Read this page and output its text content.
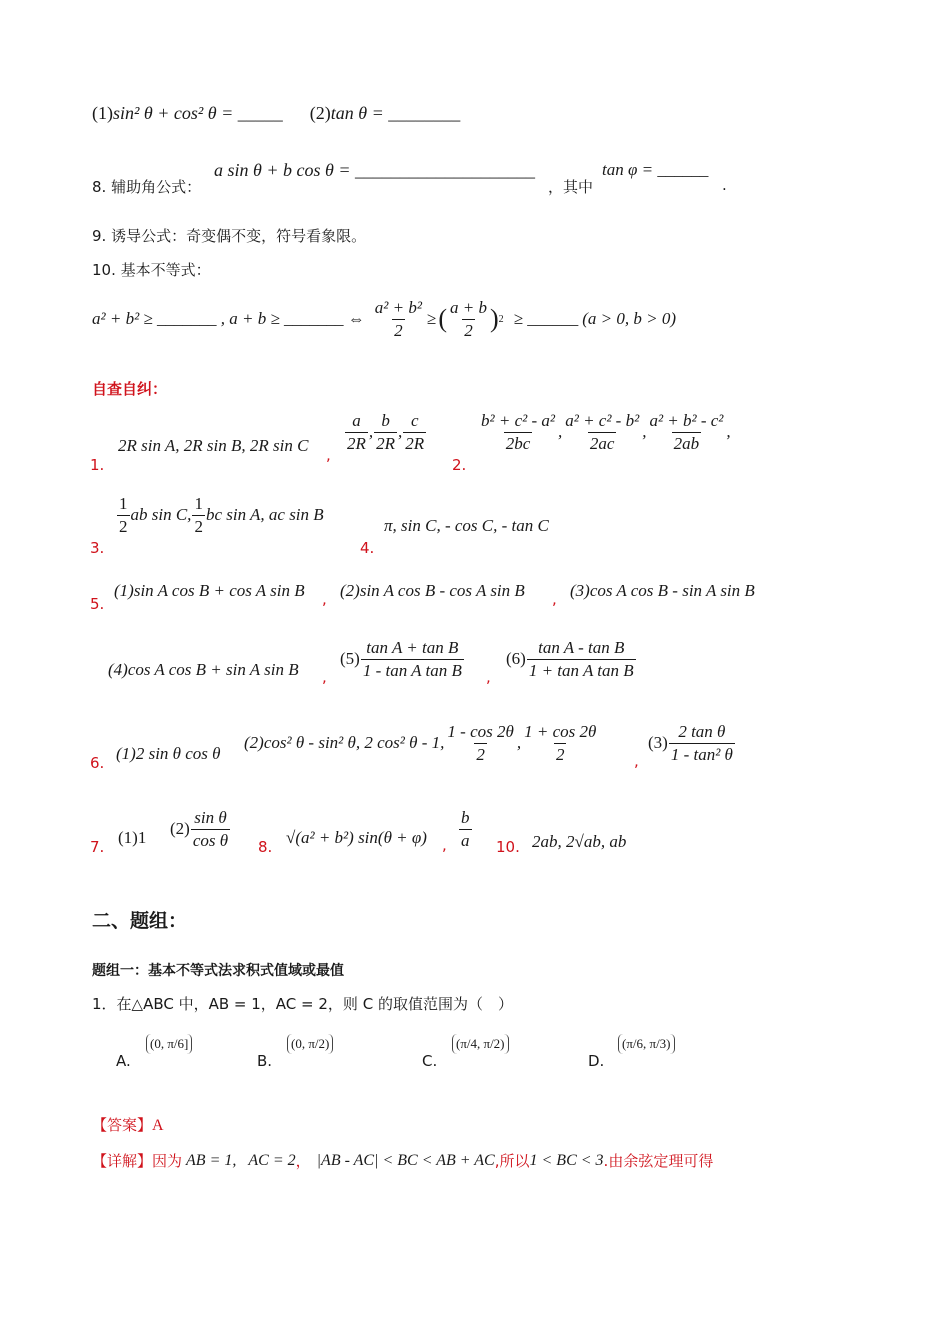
(1)sin² θ + cos² θ = _____ (2)tan θ = ________
8. 辅助角公式：
a sin θ + b cos θ = ____________________
，其中
tan φ = ______
.
9. 诱导公式：奇变偶不变，符号看象限。
10. 基本不等式：
a² + b² ≥ _______ , a + b ≥ _______ ⇔ $\frac{\text{a² + b²}}{2}$ ≥ ( $\frac{a + b}{2}$ ) 2 ≥ ______ (a > 0, b > 0)
自查自纠：
1.
2R sin A, 2R sin B, 2R sin C ,
$\frac{a}{2R}$ , $\frac{b}{2R}$ , $\frac{c}{2R}$
2.
$\frac{\text{b² + c² - a²}}{2bc}$ , $\frac{\text{a² + c² - b²}}{2ac}$ , $\frac{\text{a² + b² - c²}}{2ab}$ ,
3.
$\frac{1}{2}$ ab sin C, $\frac{1}{2}$ bc sin A, ac sin B
4.
π, sin C, - cos C, - tan C
5.
(1)sin A cos B + cos A sin B , (2)sin A cos B - cos A sin B , (3)cos A cos B - sin A sin B
(4)cos A cos B + sin A sin B ,
$(5) \frac{\text{tan A + tan B}}{\text{1 - tan A tan B}}$ ,
$(6) \frac{\text{tan A - tan B}}{\text{1 + tan A tan B}}$
6. (1)2 sin θ cos θ
(2)cos² θ - sin² θ, 2 cos² θ - 1, $\frac{1 - \cos 2\theta}{2}$ , $\frac{1 + \cos 2\theta}{2}$ ,
$(3) \frac{\text{2 tan θ}}{\text{1 - tan² θ}}$
7. (1)1 $(2) \frac{\text{sin θ}}{\text{cos θ}} 8$. √(a² + b²) sin(θ + φ) , $\frac{b}{a} 10$. 2ab, 2√ab, ab
二、题组：
题组一：基本不等式法求积式值域或最值
1．在△ABC 中，AB = 1，AC = 2，则 C 的取值范围为（　）
A.
(0, π/6]
B.
(0, π/2)
C.
(π/4, π/2)
D.
(π/6, π/3)
【答案】A
【详解】 因为 AB = 1, AC = 2 ， |AB - AC| < BC < AB + AC ,所以 1 < BC < 3 .由余弦定理可得
